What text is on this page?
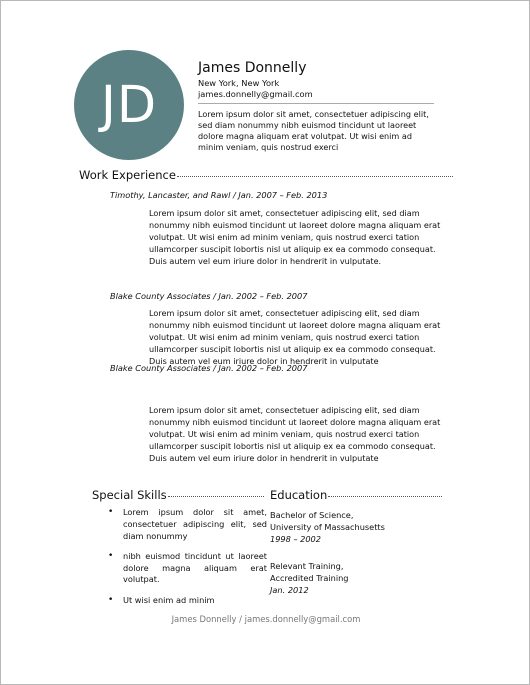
JD
James Donnelly
New York, New York
james.donnelly@gmail.com
Lorem ipsum dolor sit amet, consectetuer adipiscing elit, sed diam nonummy nibh euismod tincidunt ut laoreet dolore magna aliquam erat volutpat. Ut wisi enim ad minim veniam, quis nostrud exerci
Work Experience
Timothy, Lancaster, and Rawl / Jan. 2007 – Feb. 2013
Lorem ipsum dolor sit amet, consectetuer adipiscing elit, sed diam nonummy nibh euismod tincidunt ut laoreet dolore magna aliquam erat volutpat. Ut wisi enim ad minim veniam, quis nostrud exerci tation ullamcorper suscipit lobortis nisl ut aliquip ex ea commodo consequat. Duis autem vel eum iriure dolor in hendrerit in vulputate.
Blake County Associates / Jan. 2002 – Feb. 2007
Lorem ipsum dolor sit amet, consectetuer adipiscing elit, sed diam nonummy nibh euismod tincidunt ut laoreet dolore magna aliquam erat volutpat. Ut wisi enim ad minim veniam, quis nostrud exerci tation ullamcorper suscipit lobortis nisl ut aliquip ex ea commodo consequat. Duis autem vel eum iriure dolor in hendrerit in vulputate
Blake County Associates / Jan. 2002 – Feb. 2007
Lorem ipsum dolor sit amet, consectetuer adipiscing elit, sed diam nonummy nibh euismod tincidunt ut laoreet dolore magna aliquam erat volutpat. Ut wisi enim ad minim veniam, quis nostrud exerci tation ullamcorper suscipit lobortis nisl ut aliquip ex ea commodo consequat. Duis autem vel eum iriure dolor in hendrerit in vulputate
Special Skills
• Lorem ipsum dolor sit amet, consectetuer adipiscing elit, sed diam nonummy
• nibh euismod tincidunt ut laoreet dolore magna aliquam erat volutpat.
• Ut wisi enim ad minim
Education
Bachelor of Science,
University of Massachusetts
1998 – 2002
Relevant Training,
Accredited Training
Jan. 2012
James Donnelly / james.donnelly@gmail.com
